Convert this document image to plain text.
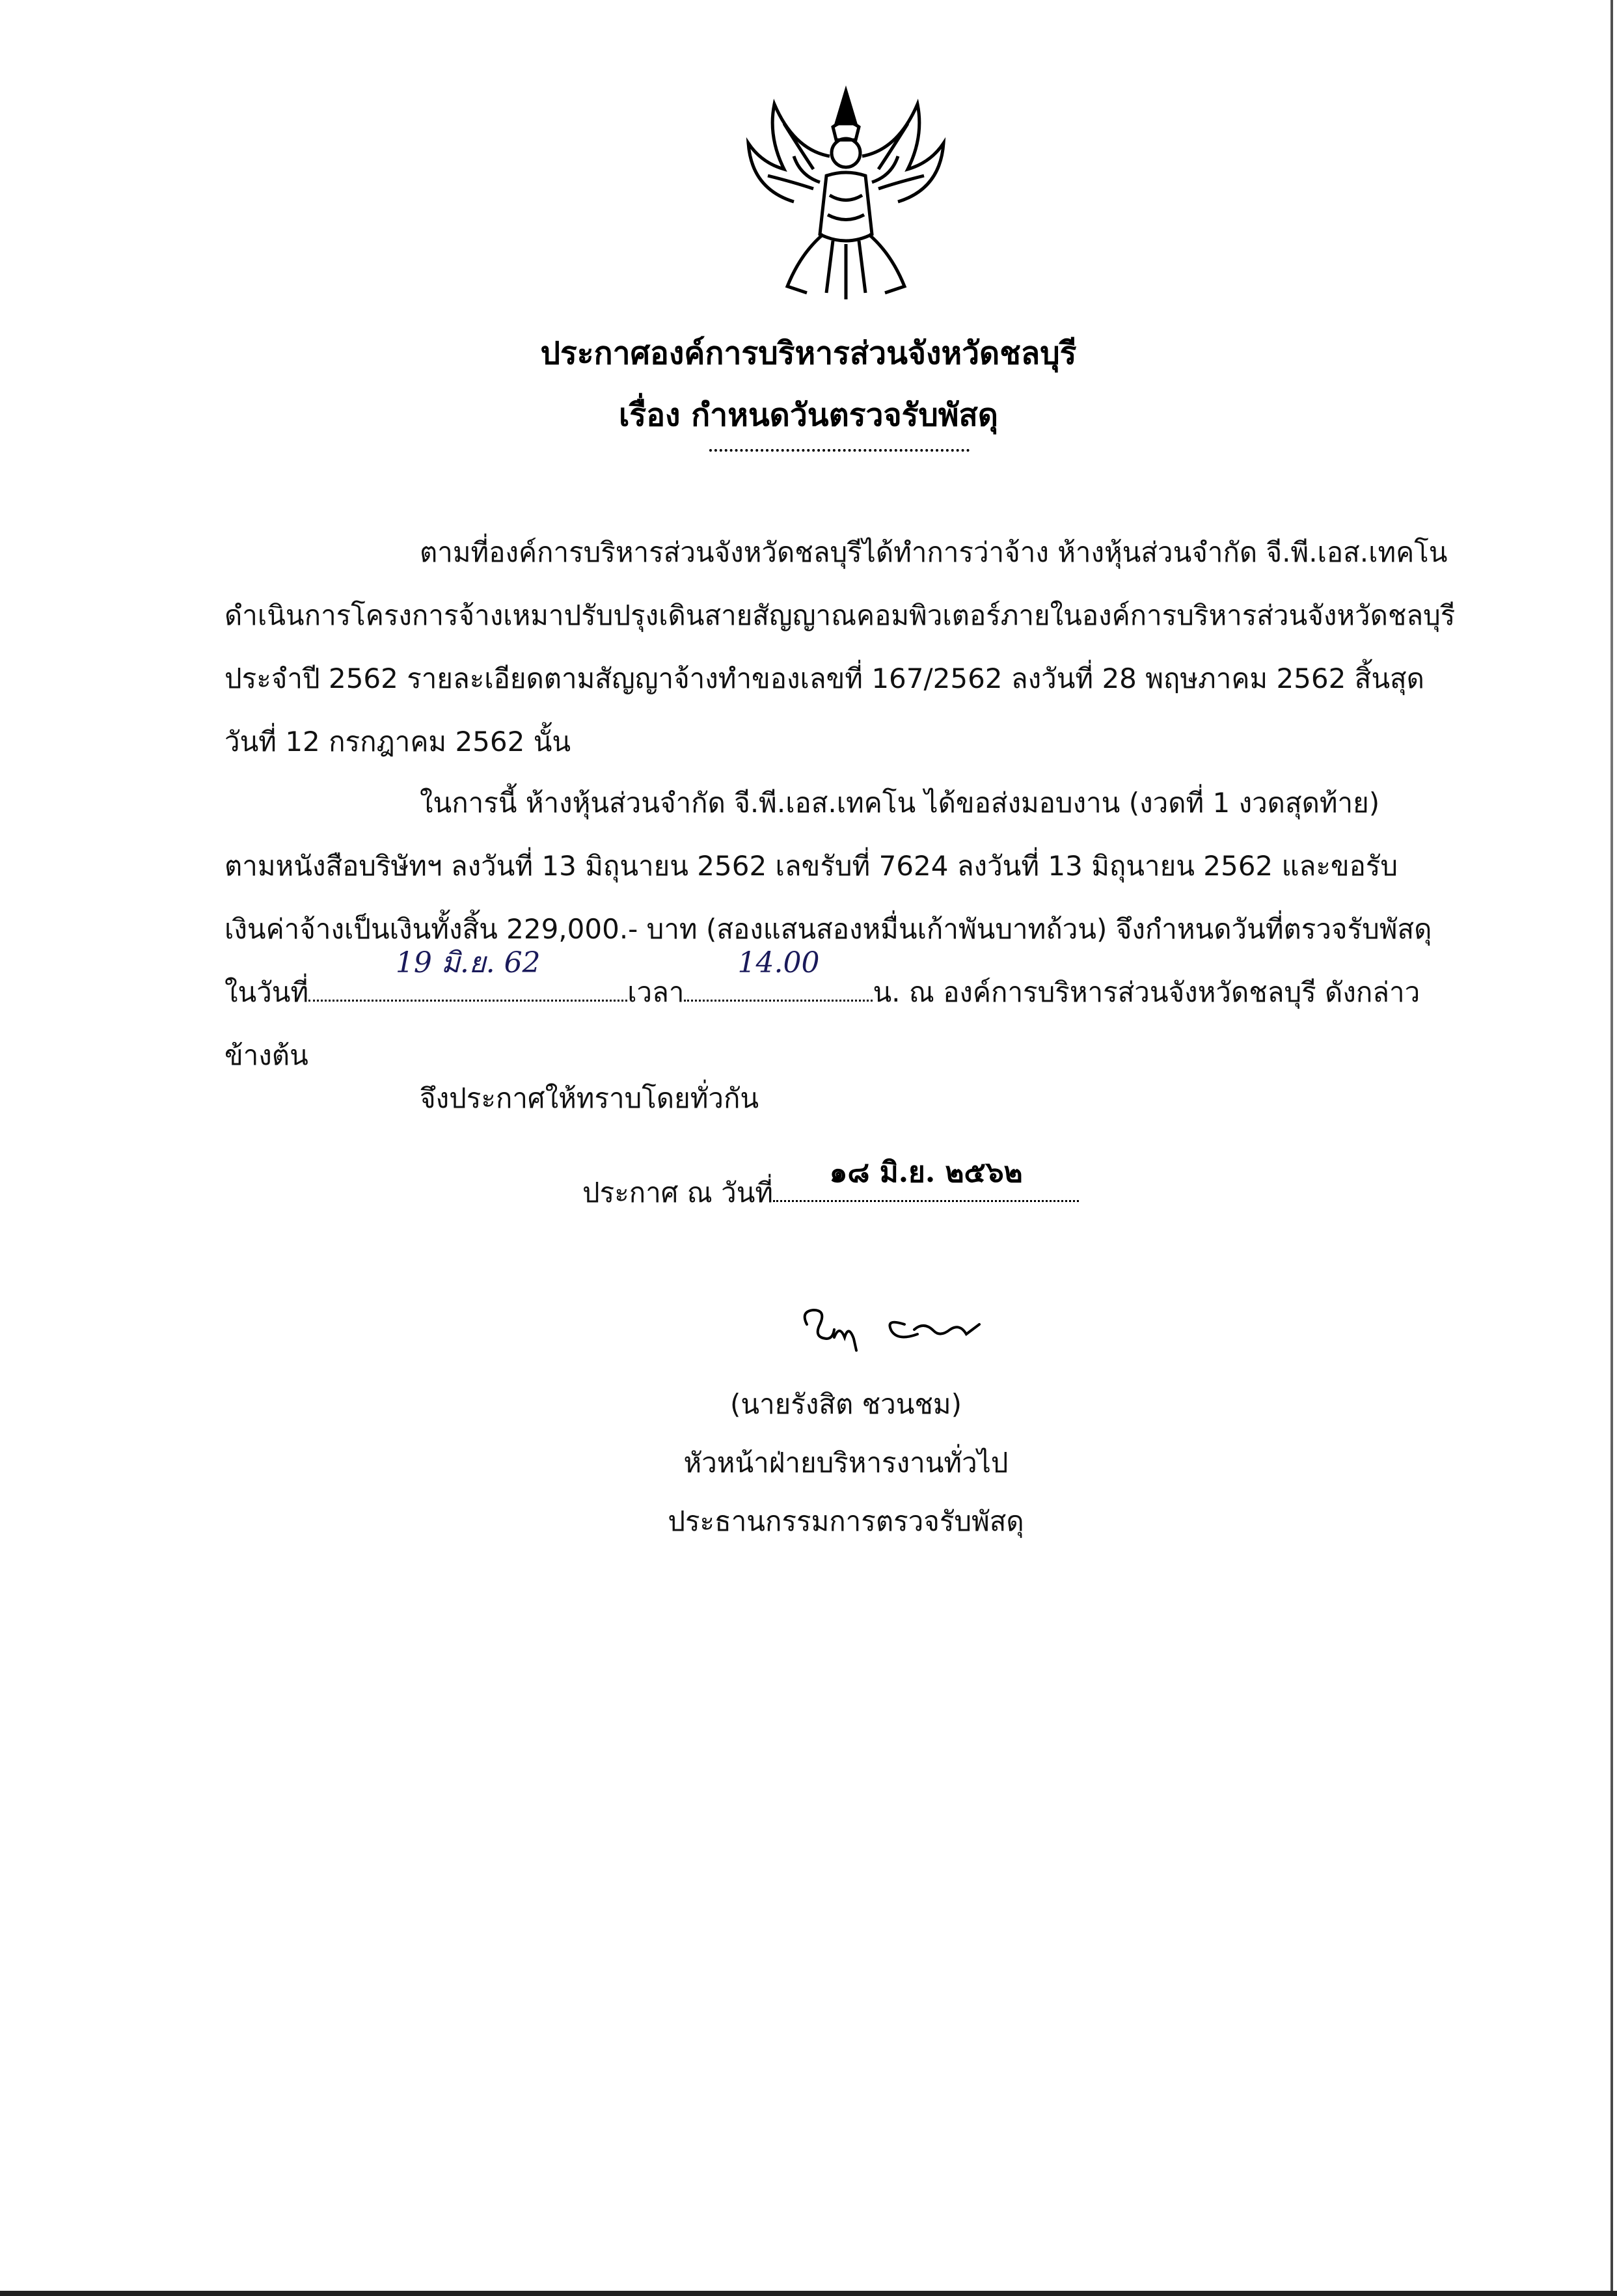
ประกาศองค์การบริหารส่วนจังหวัดชลบุรี
เรื่อง กำหนดวันตรวจรับพัสดุ

ตามที่องค์การบริหารส่วนจังหวัดชลบุรีได้ทำการว่าจ้าง ห้างหุ้นส่วนจำกัด จี.พี.เอส.เทคโน
ดำเนินการโครงการจ้างเหมาปรับปรุงเดินสายสัญญาณคอมพิวเตอร์ภายในองค์การบริหารส่วนจังหวัดชลบุรี
ประจำปี 2562 รายละเอียดตามสัญญาจ้างทำของเลขที่ 167/2562 ลงวันที่ 28 พฤษภาคม 2562 สิ้นสุด
วันที่ 12 กรกฎาคม 2562 นั้น

ในการนี้ ห้างหุ้นส่วนจำกัด จี.พี.เอส.เทคโน ได้ขอส่งมอบงาน (งวดที่ 1 งวดสุดท้าย)
ตามหนังสือบริษัทฯ ลงวันที่ 13 มิถุนายน 2562 เลขรับที่ 7624 ลงวันที่ 13 มิถุนายน 2562 และขอรับ
เงินค่าจ้างเป็นเงินทั้งสิ้น 229,000.- บาท (สองแสนสองหมื่นเก้าพันบาทถ้วน) จึงกำหนดวันที่ตรวจรับพัสดุ
ในวันที่
19 มิ.ย. 62
เวลา
14.00
น. ณ องค์การบริหารส่วนจังหวัดชลบุรี ดังกล่าว
ข้างต้น

จึงประกาศให้ทราบโดยทั่วกัน
ประกาศ ณ วันที่
๑๘ มิ.ย. ๒๕๖๒
(นายรังสิต ชวนชม)
หัวหน้าฝ่ายบริหารงานทั่วไป
ประธานกรรมการตรวจรับพัสดุ
